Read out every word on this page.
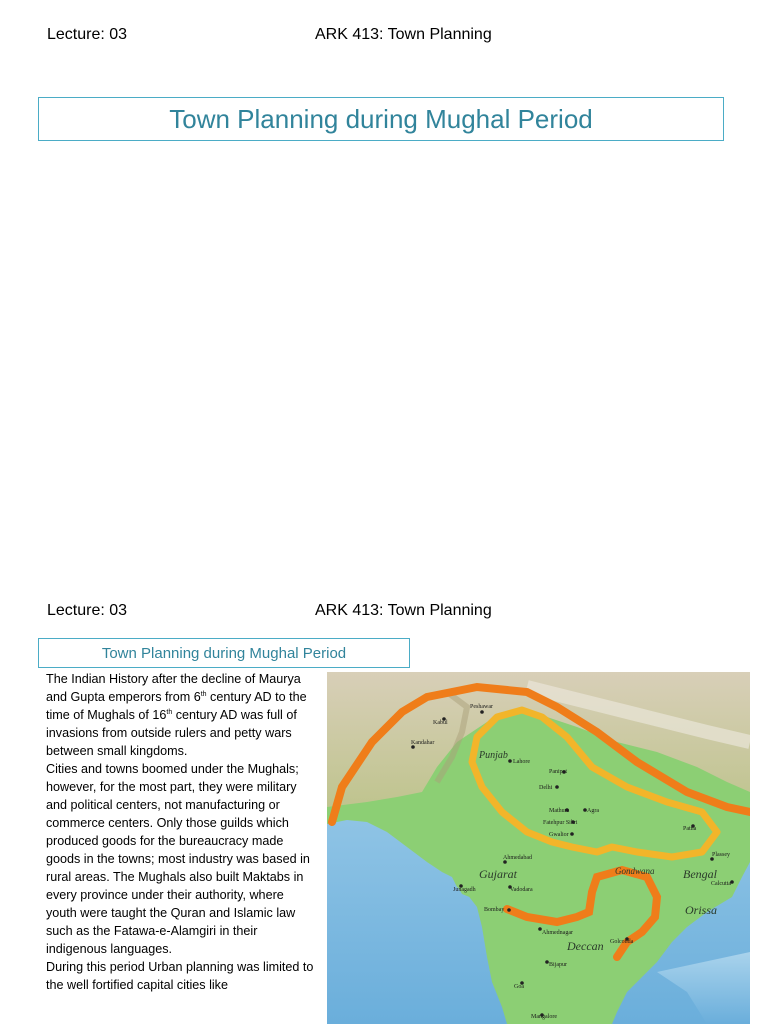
Lecture: 03	ARK 413: Town Planning
Town Planning during Mughal Period
Lecture: 03	ARK 413: Town Planning
Town Planning during Mughal Period

The Indian History after the decline of Maurya and Gupta emperors from 6th century AD to the time of Mughals of 16th century AD was full of invasions from outside rulers and petty wars between small kingdoms.

Cities and towns boomed under the Mughals; however, for the most part, they were military and political centers, not manufacturing or commerce centers. Only those guilds which produced goods for the bureaucracy made goods in the towns; most industry was based in rural areas. The Mughals also built Maktabs in every province under their authority, where youth were taught the Quran and Islamic law such as the Fatawa-e-Alamgiri in their indigenous languages.

During this period Urban planning was limited to the well fortified capital cities like

Kabul
Kandahar
Peshawar
Lahore
Panipat
Delhi
Mathura	Agra
Fatehpur Sikri
Gwalior
Patna
Plassey
Ahmedabad
Junagadh	Vadodara
Calcutta
Bombay
Ahmednagar
Golconda
Bijapur
Goa
Mangalore
Punjab
Gujarat	Bengal
Gondwana
Orissa
Deccan
